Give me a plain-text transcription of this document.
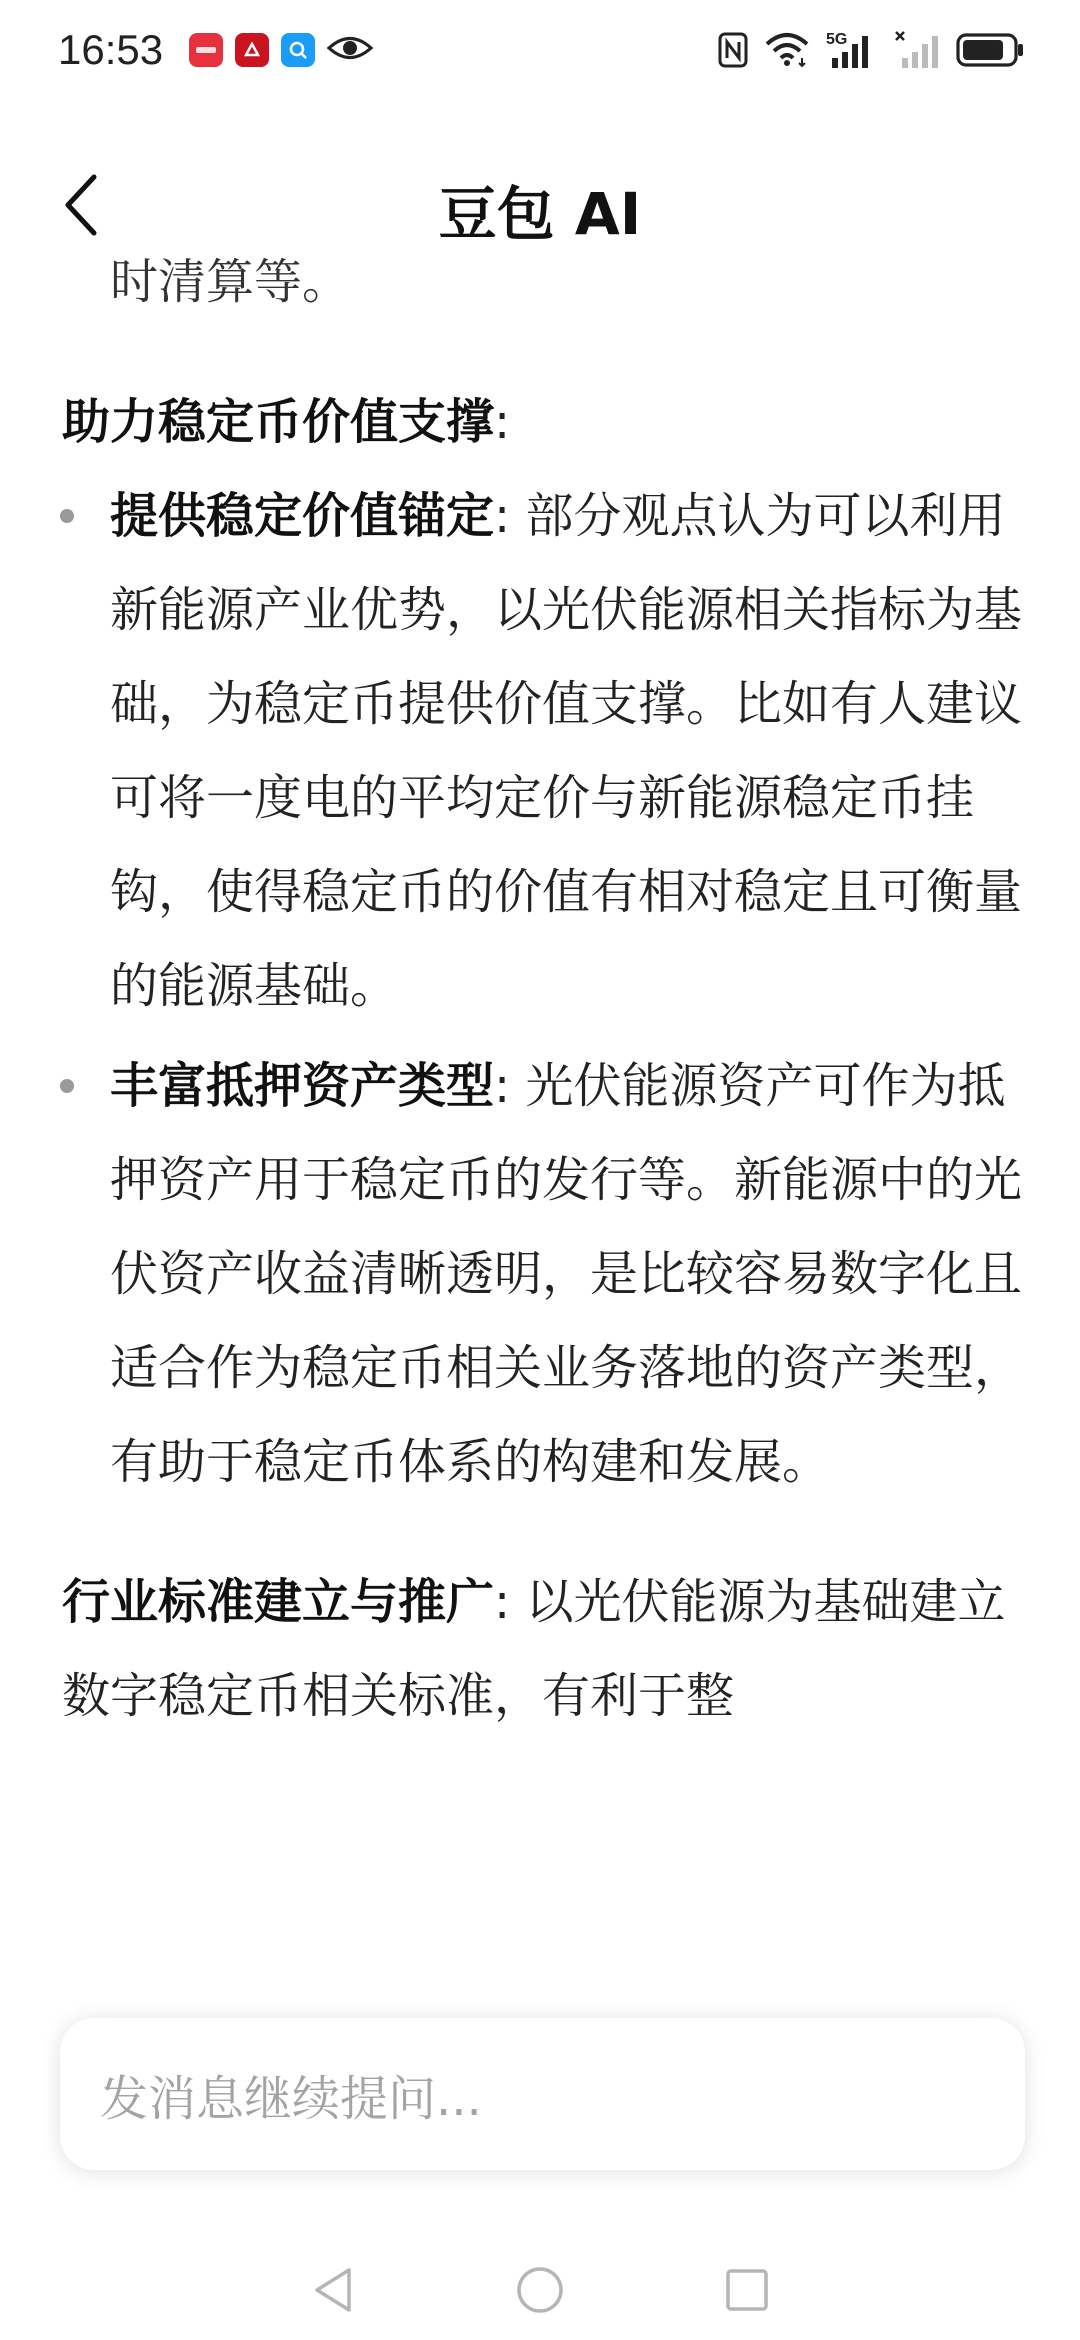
16:53	5G
豆包 AI

时清算等。

助力稳定币价值支撑:

提供稳定价值锚定: 部分观点认为可以利用新能源产业优势，以光伏能源相关指标为基础，为稳定币提供价值支撑。比如有人建议可将一度电的平均定价与新能源稳定币挂钩，使得稳定币的价值有相对稳定且可衡量的能源基础。
丰富抵押资产类型: 光伏能源资产可作为抵押资产用于稳定币的发行等。新能源中的光伏资产收益清晰透明，是比较容易数字化且适合作为稳定币相关业务落地的资产类型，有助于稳定币体系的构建和发展。

行业标准建立与推广: 以光伏能源为基础建立数字稳定币相关标准，有利于整

发消息继续提问...
